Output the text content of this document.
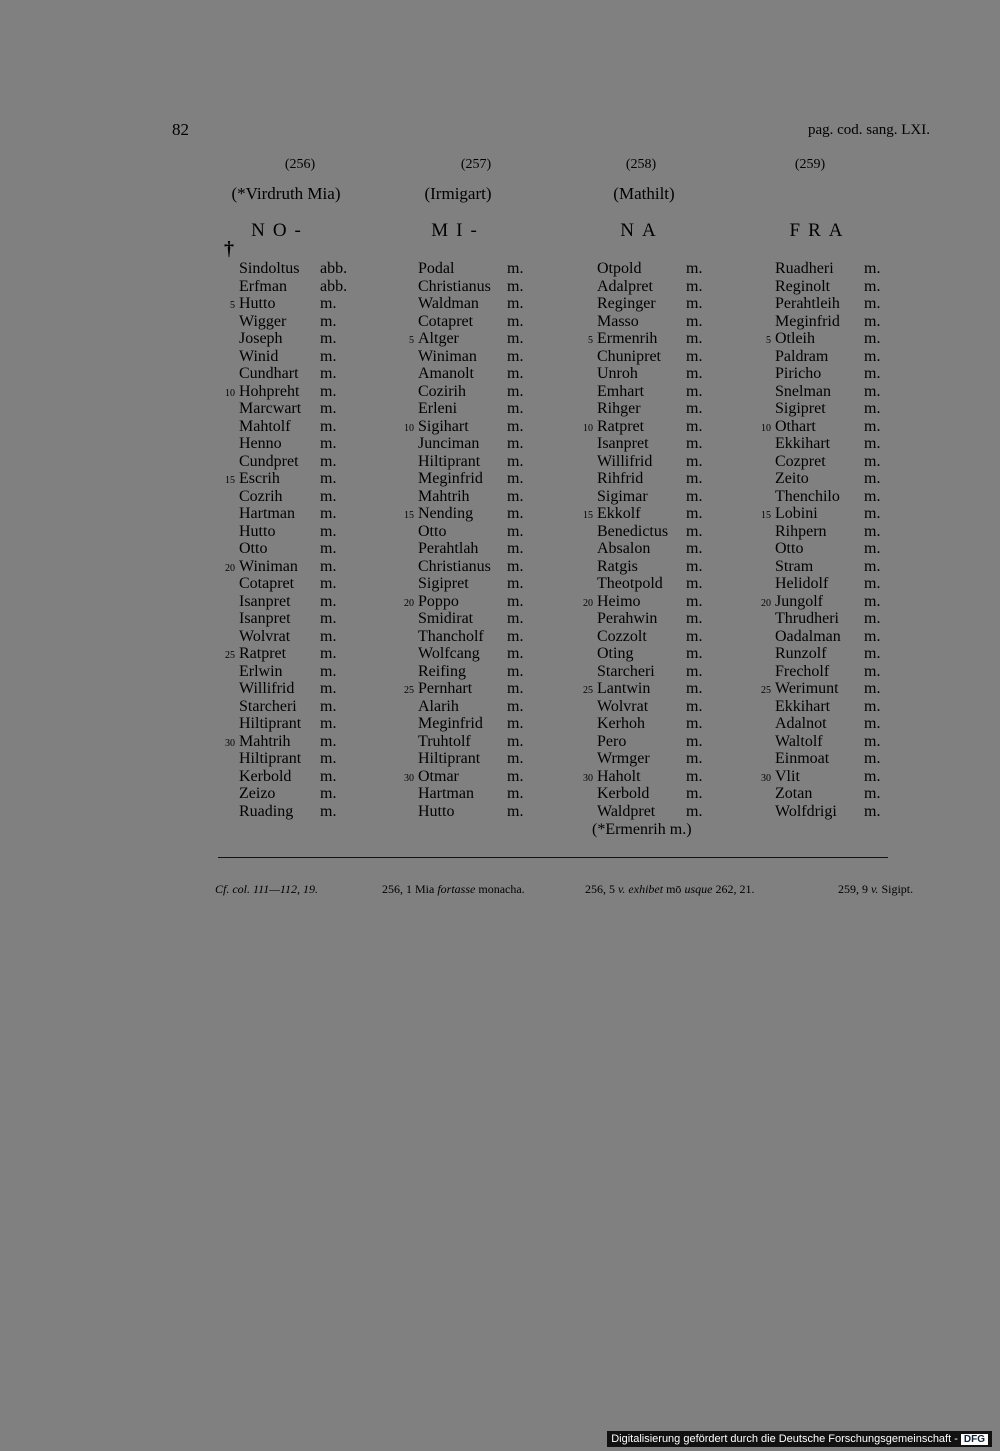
82	pag. cod. sang. LXI.
(256)	(257)	(258)	(259)
(*Virdruth Mia)	(Irmigart)	(Mathilt)
NO-	MI-	NA	FRA
†
Sindoltus abb.
Erfman abb.
5 Hutto	m.
Wigger m.
Joseph m.
Winid	m.
Cundhart m.
10 Hohpreht m.
Marcwart m.
Mahtolf m.
Henno m.
Cundpret m.
15 Escrih	m.
Cozrih m.
Hartman m.
Hutto	m.
Otto	m.
20 Winiman m.
Cotapret m.
Isanpret m.
Isanpret m.
Wolvrat m.
25 Ratpret m.
Erlwin m.
Willifrid m.
Starcheri m.
Hiltiprant m.
30 Mahtrih m.
Hiltiprant m.
Kerbold m.
Zeizo	m.
Ruading m.
Podal	m.
Christianus m.
Waldman m.
Cotapret m.
5 Altger	m.
Winiman m.
Amanolt m.
Cozirih	m.
Erleni	m.
10 Sigihart m.
Junciman m.
Hiltiprant m.
Meginfrid m.
Mahtrih m.
15 Nending m.
Otto	m.
Perahtlah m.
Christianus m.
Sigipret m.
20 Poppo	m.
Smidirat m.
Thancholf m.
Wolfcang m.
Reifing	m.
25 Pernhart m.
Alarih	m.
Meginfrid m.
Truhtolf m.
Hiltiprant m.
30 Otmar	m.
Hartman m.
Hutto	m.
Otpold	m.
Adalpret m.
Reginger m.
Masso	m.
5 Ermenrih m.
Chunipret m.
Unroh	m.
Emhart	m.
Rihger	m.
10 Ratpret	m.
Isanpret m.
Willifrid m.
Rihfrid	m.
Sigimar m.
15 Ekkolf	m.
Benedictus m.
Absalon m.
Ratgis	m.
Theotpold m.
20 Heimo	m.
Perahwin m.
Cozzolt m.
Oting	m.
Starcheri m.
25 Lantwin m.
Wolvrat m.
Kerhoh	m.
Pero	m.
Wrmger m.
30 Haholt	m.
Kerbold m.
Waldpret m.
Ruadheri m.
Reginolt m.
Perahtleih m.
Meginfrid m.
5 Otleih	m.
Paldram m.
Piricho	m.
Snelman m.
Sigipret m.
10 Othart	m.
Ekkihart m.
Cozpret m.
Zeito	m.
Thenchilo m.
15 Lobini	m.
Rihpern m.
Otto	m.
Stram	m.
Helidolf m.
20 Jungolf	m.
Thrudheri m.
Oadalman m.
Runzolf m.
Frecholf m.
25 Werimunt m.
Ekkihart m.
Adalnot m.
Waltolf	m.
Einmoat m.
30 Vlit	m.
Zotan	m.
Wolfdrigi m.
(*Ermenrih m.)
Cf. col. 111—112, 19.	256, 1 Mia fortasse monacha.	256, 5 v. exhibet mō usque 262, 21.	259, 9 v. Sigipt.
Digitalisierung gefördert durch die Deutsche Forschungsgemeinschaft - DFG
